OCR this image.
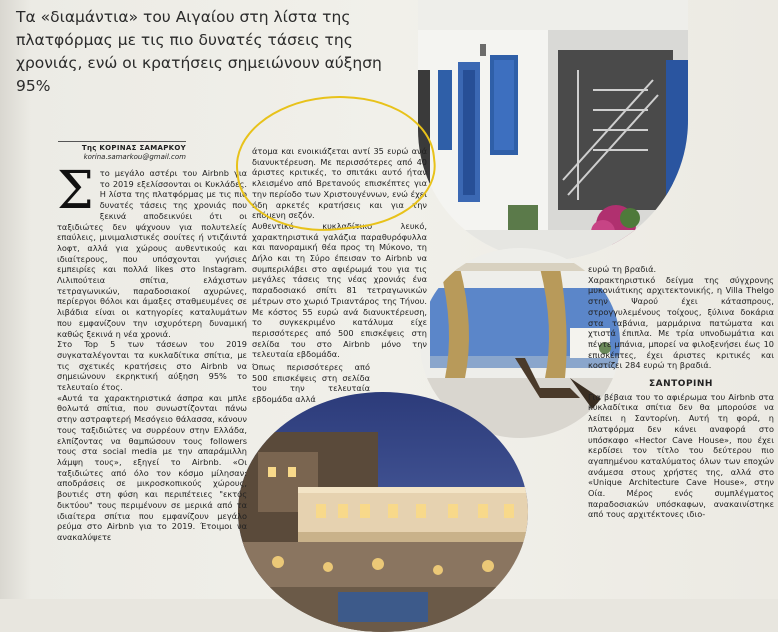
Τα «διαμάντια» του Αιγαίου στη λίστα της πλατφόρμας με τις πιο δυνατές τάσεις της χρονιάς, ενώ οι κρατήσεις σημειώνουν αύξηση 95%
Της ΚΟΡΙΝΑΣ ΣΑΜΑΡΚΟΥ
korina.samarkou@gmail.com
Σ το μεγάλο αστέρι του Airbnb για το 2019 εξελίσσονται οι Κυκλάδες. Η λίστα της πλατφόρμας με τις πιο δυνατές τάσεις της χρονιάς που ξεκινά αποδεικνύει ότι οι ταξιδιώτες δεν ψάχνουν για πολυτελείς επαύλεις, μινιμαλιστικές σουίτες ή ντιζάιντά λοφτ, αλλά για χώρους αυθεντικούς και ιδιαίτερους, που υπόσχονται γνήσιες εμπειρίες και πολλά likes στο Instagram. Λιλιπούτεια σπίτια, ελάχιστων τετραγωνικών, παραδοσιακοί αχυρώνες, περίεργοι θόλοι και άμαξες σταθμευμένες σε λιβάδια είναι οι κατηγορίες καταλυμάτων που εμφανίζουν την ισχυρότερη δυναμική καθώς ξεκινά η νέα χρονιά.

Στο Top 5 των τάσεων του 2019 συγκαταλέγονται τα κυκλαδίτικα σπίτια, με τις σχετικές κρατήσεις στο Airbnb να σημειώνουν εκρηκτική αύξηση 95% το τελευταίο έτος.

«Αυτά τα χαρακτηριστικά άσπρα και μπλε θολωτά σπίτια, που συνωστίζονται πάνω στην αστραφτερή Μεσόγειο θάλασσα, κάνουν τους ταξιδιώτες να συρρέουν στην Ελλάδα, ελπίζοντας να θαμπώσουν τους followers τους στα social media με την απαράμιλλη λάμψη τους», εξηγεί το Airbnb. «Οι ταξιδιώτες από όλο τον κόσμο μίλησαν: αποδράσεις σε μικροσκοπικούς χώρους, βουτιές στη φύση και περιπέτειες "εκτός δικτύου" τους περιμένουν σε μερικά από τα ιδιαίτερα σπίτια που εμφανίζουν μεγάλο ρεύμα στο Airbnb για το 2019. Έτοιμοι να ανακαλύψετε

άτομα και ενοικιάζεται αντί 35 ευρώ ανά διανυκτέρευση. Με περισσότερες από 40 άριστες κριτικές, το σπιτάκι αυτό ήταν κλεισμένο από Βρετανούς επισκέπτες για την περίοδο των Χριστουγέννων, ενώ έχει ήδη αρκετές κρατήσεις και για την επόμενη σεζόν.

Αυθεντικό κυκλαδίτικο λευκό, χαρακτηριστικά γαλάζια παραθυρόφυλλα και πανοραμική θέα προς τη Μύκονο, τη Δήλο και τη Σύρο έπεισαν το Airbnb να συμπεριλάβει στο αφιέρωμά του για τις μεγάλες τάσεις της νέας χρονιάς ένα παραδοσιακό σπίτι 81 τετραγωνικών μέτρων στο χωριό Τριαντάρος της Τήνου. Με κόστος 55 ευρώ ανά διανυκτέρευση, το συγκεκριμένο κατάλυμα είχε περισσότερες από 500 επισκέψεις στη σελίδα του στο Airbnb μόνο την τελευταία εβδομάδα.

Όπως περισσότερες από 500 επισκέψεις στη σελίδα του την τελευταία εβδομάδα αλλά

ευρώ τη βραδιά.

Χαρακτηριστικό δείγμα της σύγχρονης μυκονιάτικης αρχιτεκτονικής, η Villa Thelgo στην Ψαρού έχει κάτασπρους, στρογγυλεμένους τοίχους, ξύλινα δοκάρια στα ταβάνια, μαρμάρινα πατώματα και χτιστά έπιπλα. Με τρία υπνοδωμάτια και πέντε μπάνια, μπορεί να φιλοξενήσει έως 10 επισκέπτες, έχει άριστες κριτικές και κοστίζει 284 ευρώ τη βραδιά.

ΣΑΝΤΟΡΙΝΗ

Για βέβαια του το αφιέρωμα του Airbnb στα κυκλαδίτικα σπίτια δεν θα μπορούσε να λείπει η Σαντορίνη. Αυτή τη φορά, η πλατφόρμα δεν κάνει αναφορά στο υπόσκαφο «Hector Cave House», που έχει κερδίσει τον τίτλο του δεύτερου πιο αγαπημένου καταλύματος όλων των εποχών ανάμεσα στους χρήστες της, αλλά στο «Unique Architecture Cave House», στην Οία. Μέρος ενός συμπλέγματος παραδοσιακών υπόσκαφων, ανακαινίστηκε από τους αρχιτέκτονες ιδιο-
